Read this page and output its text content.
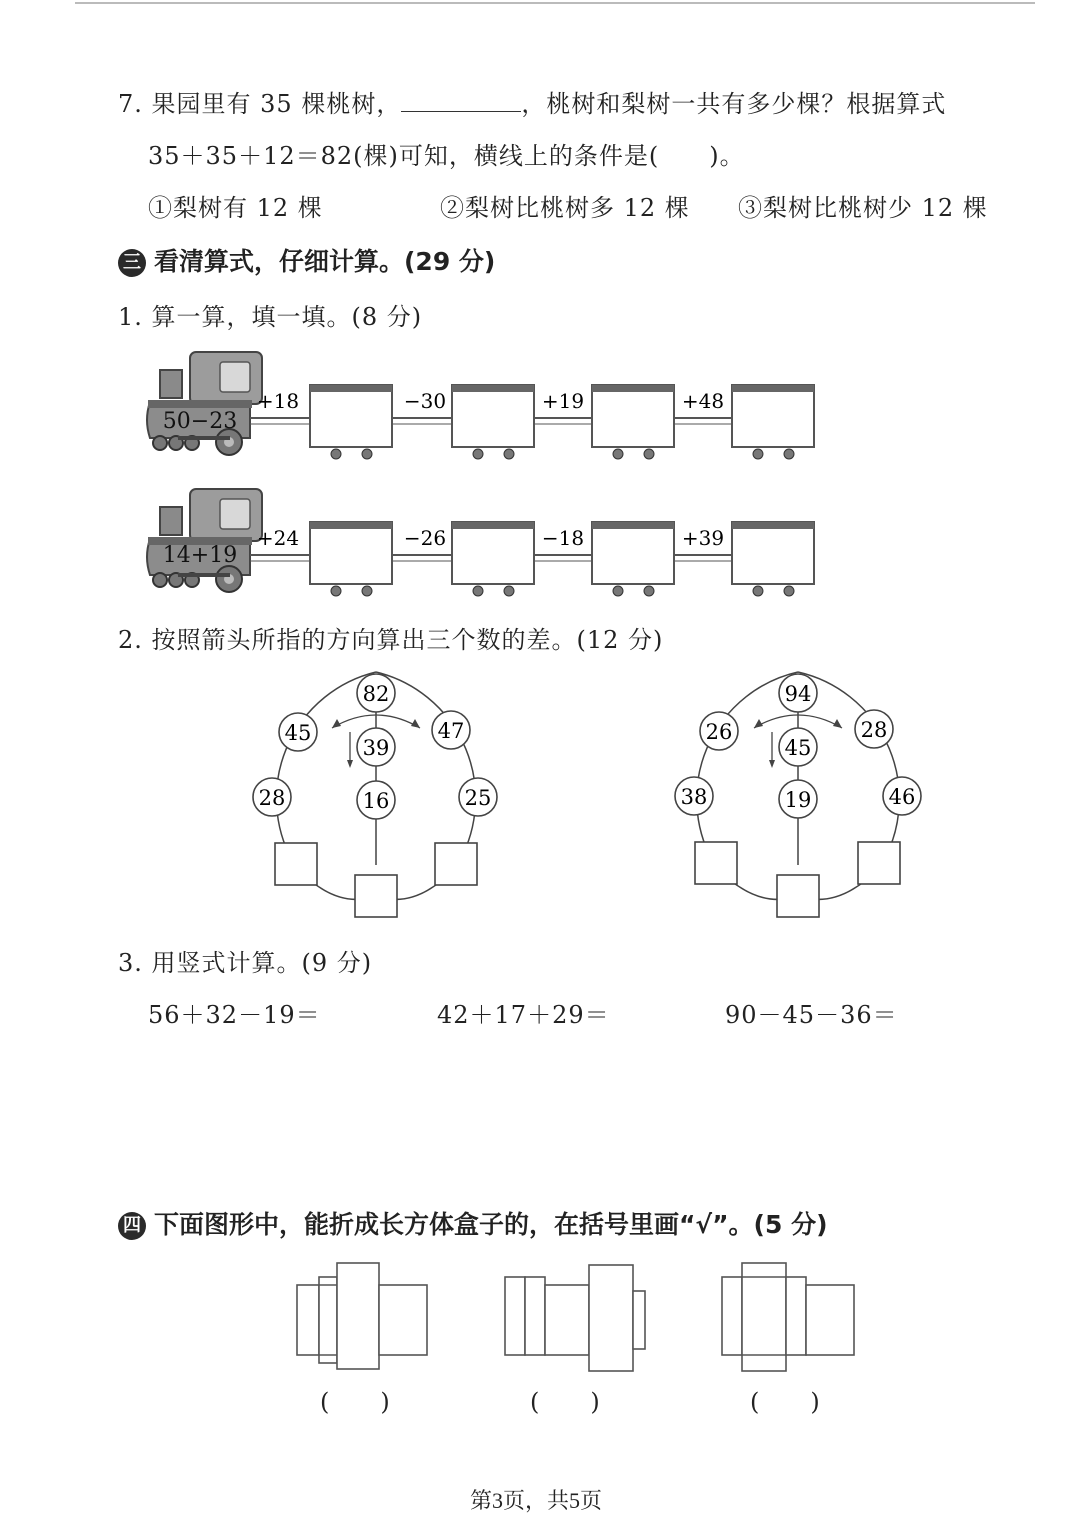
7. 果园里有 35 棵桃树，	，桃树和梨树一共有多少棵？根据算式
35＋35＋12＝82(棵)可知，横线上的条件是(　　)。
①梨树有 12 棵	②梨树比桃树多 12 棵 ③梨树比桃树少 12 棵
三 看清算式，仔细计算。(29 分)
1. 算一算，填一填。(8 分)
50−23
+18	−30	+19	+48
14+19
+24	−26	−18	+39
2. 按照箭头所指的方向算出三个数的差。(12 分)
82
45	47
39
28	16	25
94
26	28
45
38	19	46
3. 用竖式计算。(9 分)
56＋32－19＝	42＋17＋29＝	90－45－36＝
四 下面图形中，能折成长方体盒子的，在括号里画“√”。(5 分)
(　　)	(　　)	(　　)
第3页，共5页
